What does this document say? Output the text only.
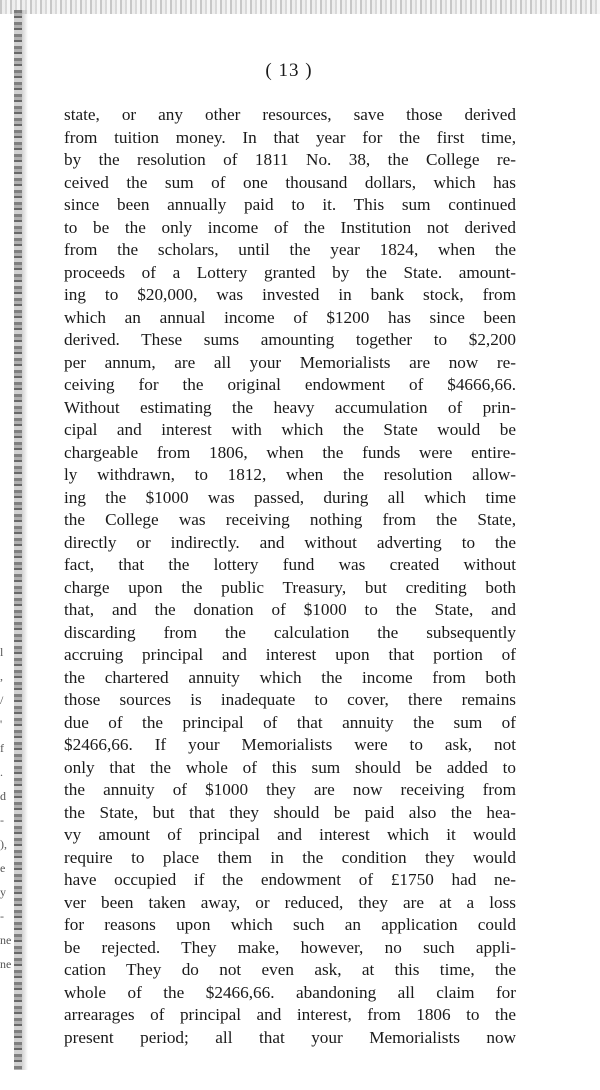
l
,
/
'
f
.
d
-
),
e
y
-
ne
ne
( 13 )
state, or any other resources, save those derived
from tuition money. In that year for the first time,
by the resolution of 1811 No. 38, the College re-
ceived the sum of one thousand dollars, which has
since been annually paid to it. This sum continued
to be the only income of the Institution not derived
from the scholars, until the year 1824, when the
proceeds of a Lottery granted by the State. amount-
ing to $20,000, was invested in bank stock, from
which an annual income of $1200 has since been
derived. These sums amounting together to $2,200
per annum, are all your Memorialists are now re-
ceiving for the original endowment of $4666,66.
Without estimating the heavy accumulation of prin-
cipal and interest with which the State would be
chargeable from 1806, when the funds were entire-
ly withdrawn, to 1812, when the resolution allow-
ing the $1000 was passed, during all which time
the College was receiving nothing from the State,
directly or indirectly. and without adverting to the
fact, that the lottery fund was created without
charge upon the public Treasury, but crediting both
that, and the donation of $1000 to the State, and
discarding from the calculation the subsequently
accruing principal and interest upon that portion of
the chartered annuity which the income from both
those sources is inadequate to cover, there remains
due of the principal of that annuity the sum of
$2466,66. If your Memorialists were to ask, not
only that the whole of this sum should be added to
the annuity of $1000 they are now receiving from
the State, but that they should be paid also the hea-
vy amount of principal and interest which it would
require to place them in the condition they would
have occupied if the endowment of £1750 had ne-
ver been taken away, or reduced, they are at a loss
for reasons upon which such an application could
be rejected. They make, however, no such appli-
cation They do not even ask, at this time, the
whole of the $2466,66. abandoning all claim for
arrearages of principal and interest, from 1806 to the
present period; all that your Memorialists now
